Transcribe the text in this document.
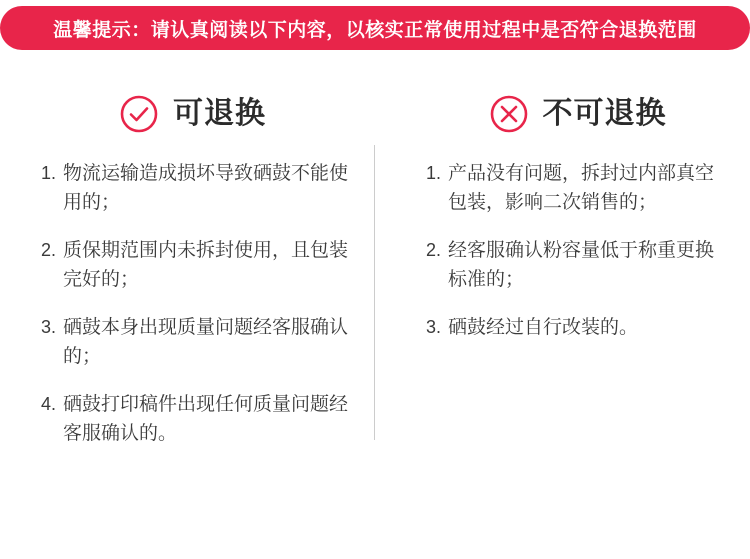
温馨提示：请认真阅读以下内容，以核实正常使用过程中是否符合退换范围
可退换
1. 物流运输造成损坏导致硒鼓不能使用的；
2. 质保期范围内未拆封使用，且包装完好的；
3. 硒鼓本身出现质量问题经客服确认的；
4. 硒鼓打印稿件出现任何质量问题经客服确认的。
不可退换
1. 产品没有问题，拆封过内部真空包装，影响二次销售的；
2. 经客服确认粉容量低于称重更换标准的；
3. 硒鼓经过自行改装的。
